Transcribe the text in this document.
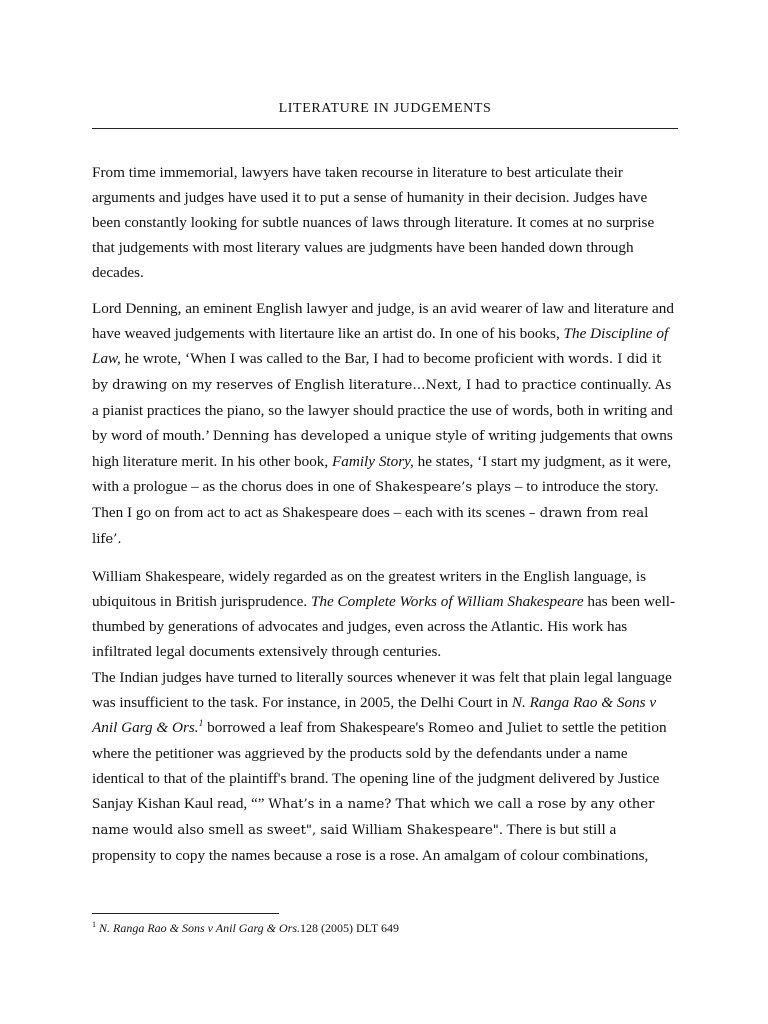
LITERATURE IN JUDGEMENTS

From time immemorial, lawyers have taken recourse in literature to best articulate their arguments and judges have used it to put a sense of humanity in their decision. Judges have been constantly looking for subtle nuances of laws through literature. It comes at no surprise that judgements with most literary values are judgments have been handed down through decades.

Lord Denning, an eminent English lawyer and judge, is an avid wearer of law and literature and have weaved judgements with litertaure like an artist do. In one of his books, The Discipline of Law, he wrote, ‘When I was called to the Bar, I had to become proficient with words. I did it by drawing on my reserves of English literature…Next, I had to practice continually. As a pianist practices the piano, so the lawyer should practice the use of words, both in writing and by word of mouth.’ Denning has developed a unique style of writing judgements that owns high literature merit. In his other book, Family Story, he states, ‘I start my judgment, as it were, with a prologue – as the chorus does in one of Shakespeare’s plays – to introduce the story. Then I go on from act to act as Shakespeare does – each with its scenes – drawn from real life’.

William Shakespeare, widely regarded as on the greatest writers in the English language, is ubiquitous in British jurisprudence. The Complete Works of William Shakespeare has been well-thumbed by generations of advocates and judges, even across the Atlantic. His work has infiltrated legal documents extensively through centuries.

The Indian judges have turned to literally sources whenever it was felt that plain legal language was insufficient to the task. For instance, in 2005, the Delhi Court in N. Ranga Rao & Sons v Anil Garg & Ors.$^1$ borrowed a leaf from Shakespeare's Romeo and Juliet to settle the petition where the petitioner was aggrieved by the products sold by the defendants under a name identical to that of the plaintiff's brand. The opening line of the judgment delivered by Justice Sanjay Kishan Kaul read, “” What’s in a name? That which we call a rose by any other name would also smell as sweet", said William Shakespeare". There is but still a propensity to copy the names because a rose is a rose. An amalgam of colour combinations,

$^1$ N. Ranga Rao & Sons v Anil Garg & Ors.128 (2005) DLT 649
